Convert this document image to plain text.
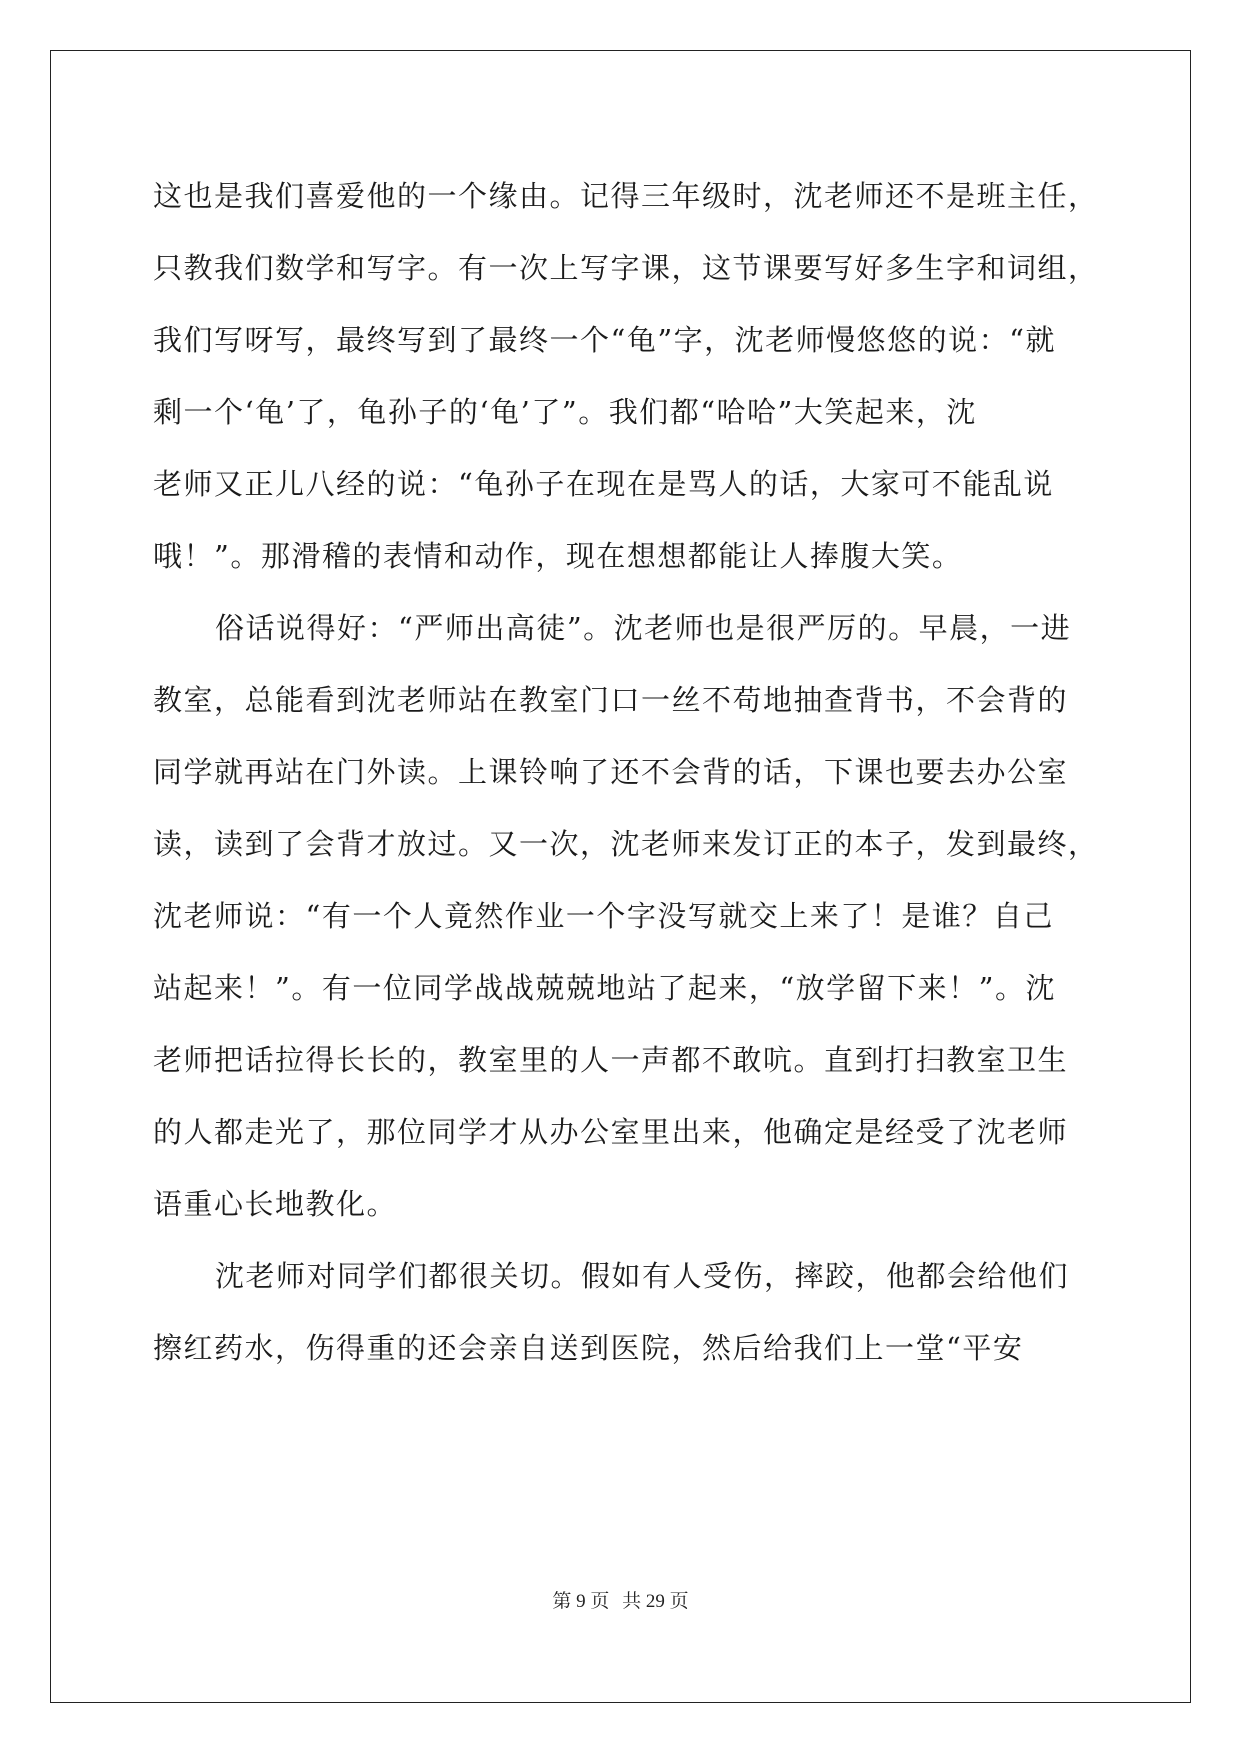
这也是我们喜爱他的一个缘由。记得三年级时，沈老师还不是班主任，
只教我们数学和写字。有一次上写字课，这节课要写好多生字和词组，
我们写呀写，最终写到了最终一个“龟”字，沈老师慢悠悠的说：“就
剩一个‘龟’了，龟孙子的‘龟’了”。我们都“哈哈”大笑起来，沈
老师又正儿八经的说：“龟孙子在现在是骂人的话，大家可不能乱说
哦！”。那滑稽的表情和动作，现在想想都能让人捧腹大笑。
俗话说得好：“严师出高徒”。沈老师也是很严厉的。早晨，一进
教室，总能看到沈老师站在教室门口一丝不苟地抽查背书，不会背的
同学就再站在门外读。上课铃响了还不会背的话，下课也要去办公室
读，读到了会背才放过。又一次，沈老师来发订正的本子，发到最终，
沈老师说：“有一个人竟然作业一个字没写就交上来了！是谁？自己
站起来！”。有一位同学战战兢兢地站了起来，“放学留下来！”。沈
老师把话拉得长长的，教室里的人一声都不敢吭。直到打扫教室卫生
的人都走光了，那位同学才从办公室里出来，他确定是经受了沈老师
语重心长地教化。
沈老师对同学们都很关切。假如有人受伤，摔跤，他都会给他们
擦红药水，伤得重的还会亲自送到医院，然后给我们上一堂“平安
第 9 页 共 29 页
